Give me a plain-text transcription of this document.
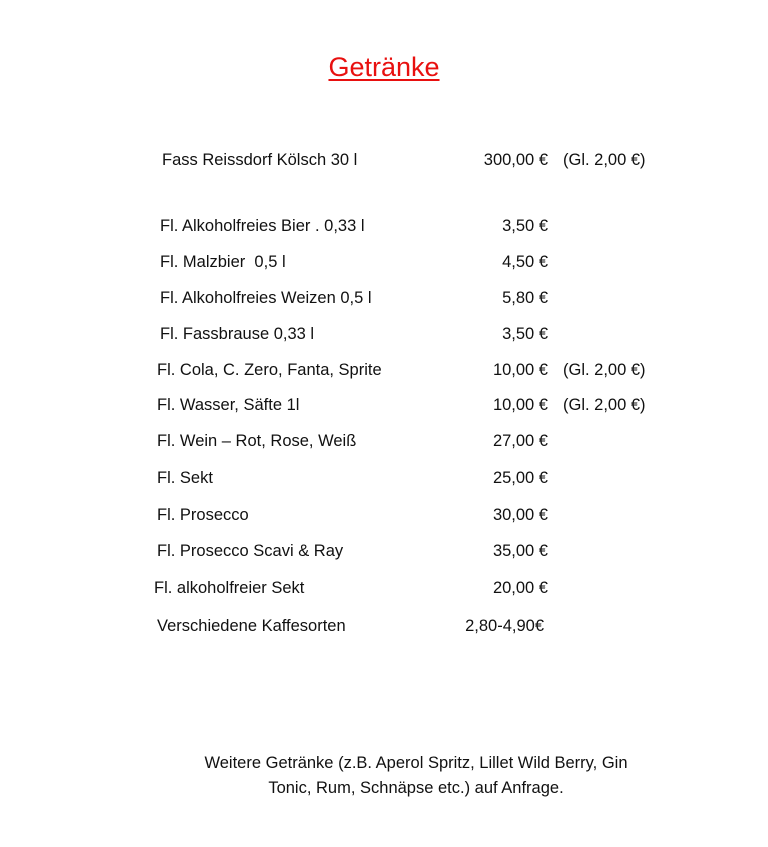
Getränke
Fass Reissdorf Kölsch 30 l	300,00 € (Gl. 2,00 €)
Fl. Alkoholfreies Bier . 0,33 l	3,50 €
Fl. Malzbier  0,5 l	4,50 €
Fl. Alkoholfreies Weizen 0,5 l	5,80 €
Fl. Fassbrause 0,33 l	3,50 €
Fl. Cola, C. Zero, Fanta, Sprite	10,00 € (Gl. 2,00 €)
Fl. Wasser, Säfte 1l	10,00 € (Gl. 2,00 €)
Fl. Wein – Rot, Rose, Weiß	27,00 €
Fl. Sekt	25,00 €
Fl. Prosecco	30,00 €
Fl. Prosecco Scavi & Ray	35,00 €
Fl. alkoholfreier Sekt	20,00 €
Verschiedene Kaffesorten	2,80-4,90€
Weitere Getränke (z.B. Aperol Spritz, Lillet Wild Berry, Gin
Tonic, Rum, Schnäpse etc.) auf Anfrage.
